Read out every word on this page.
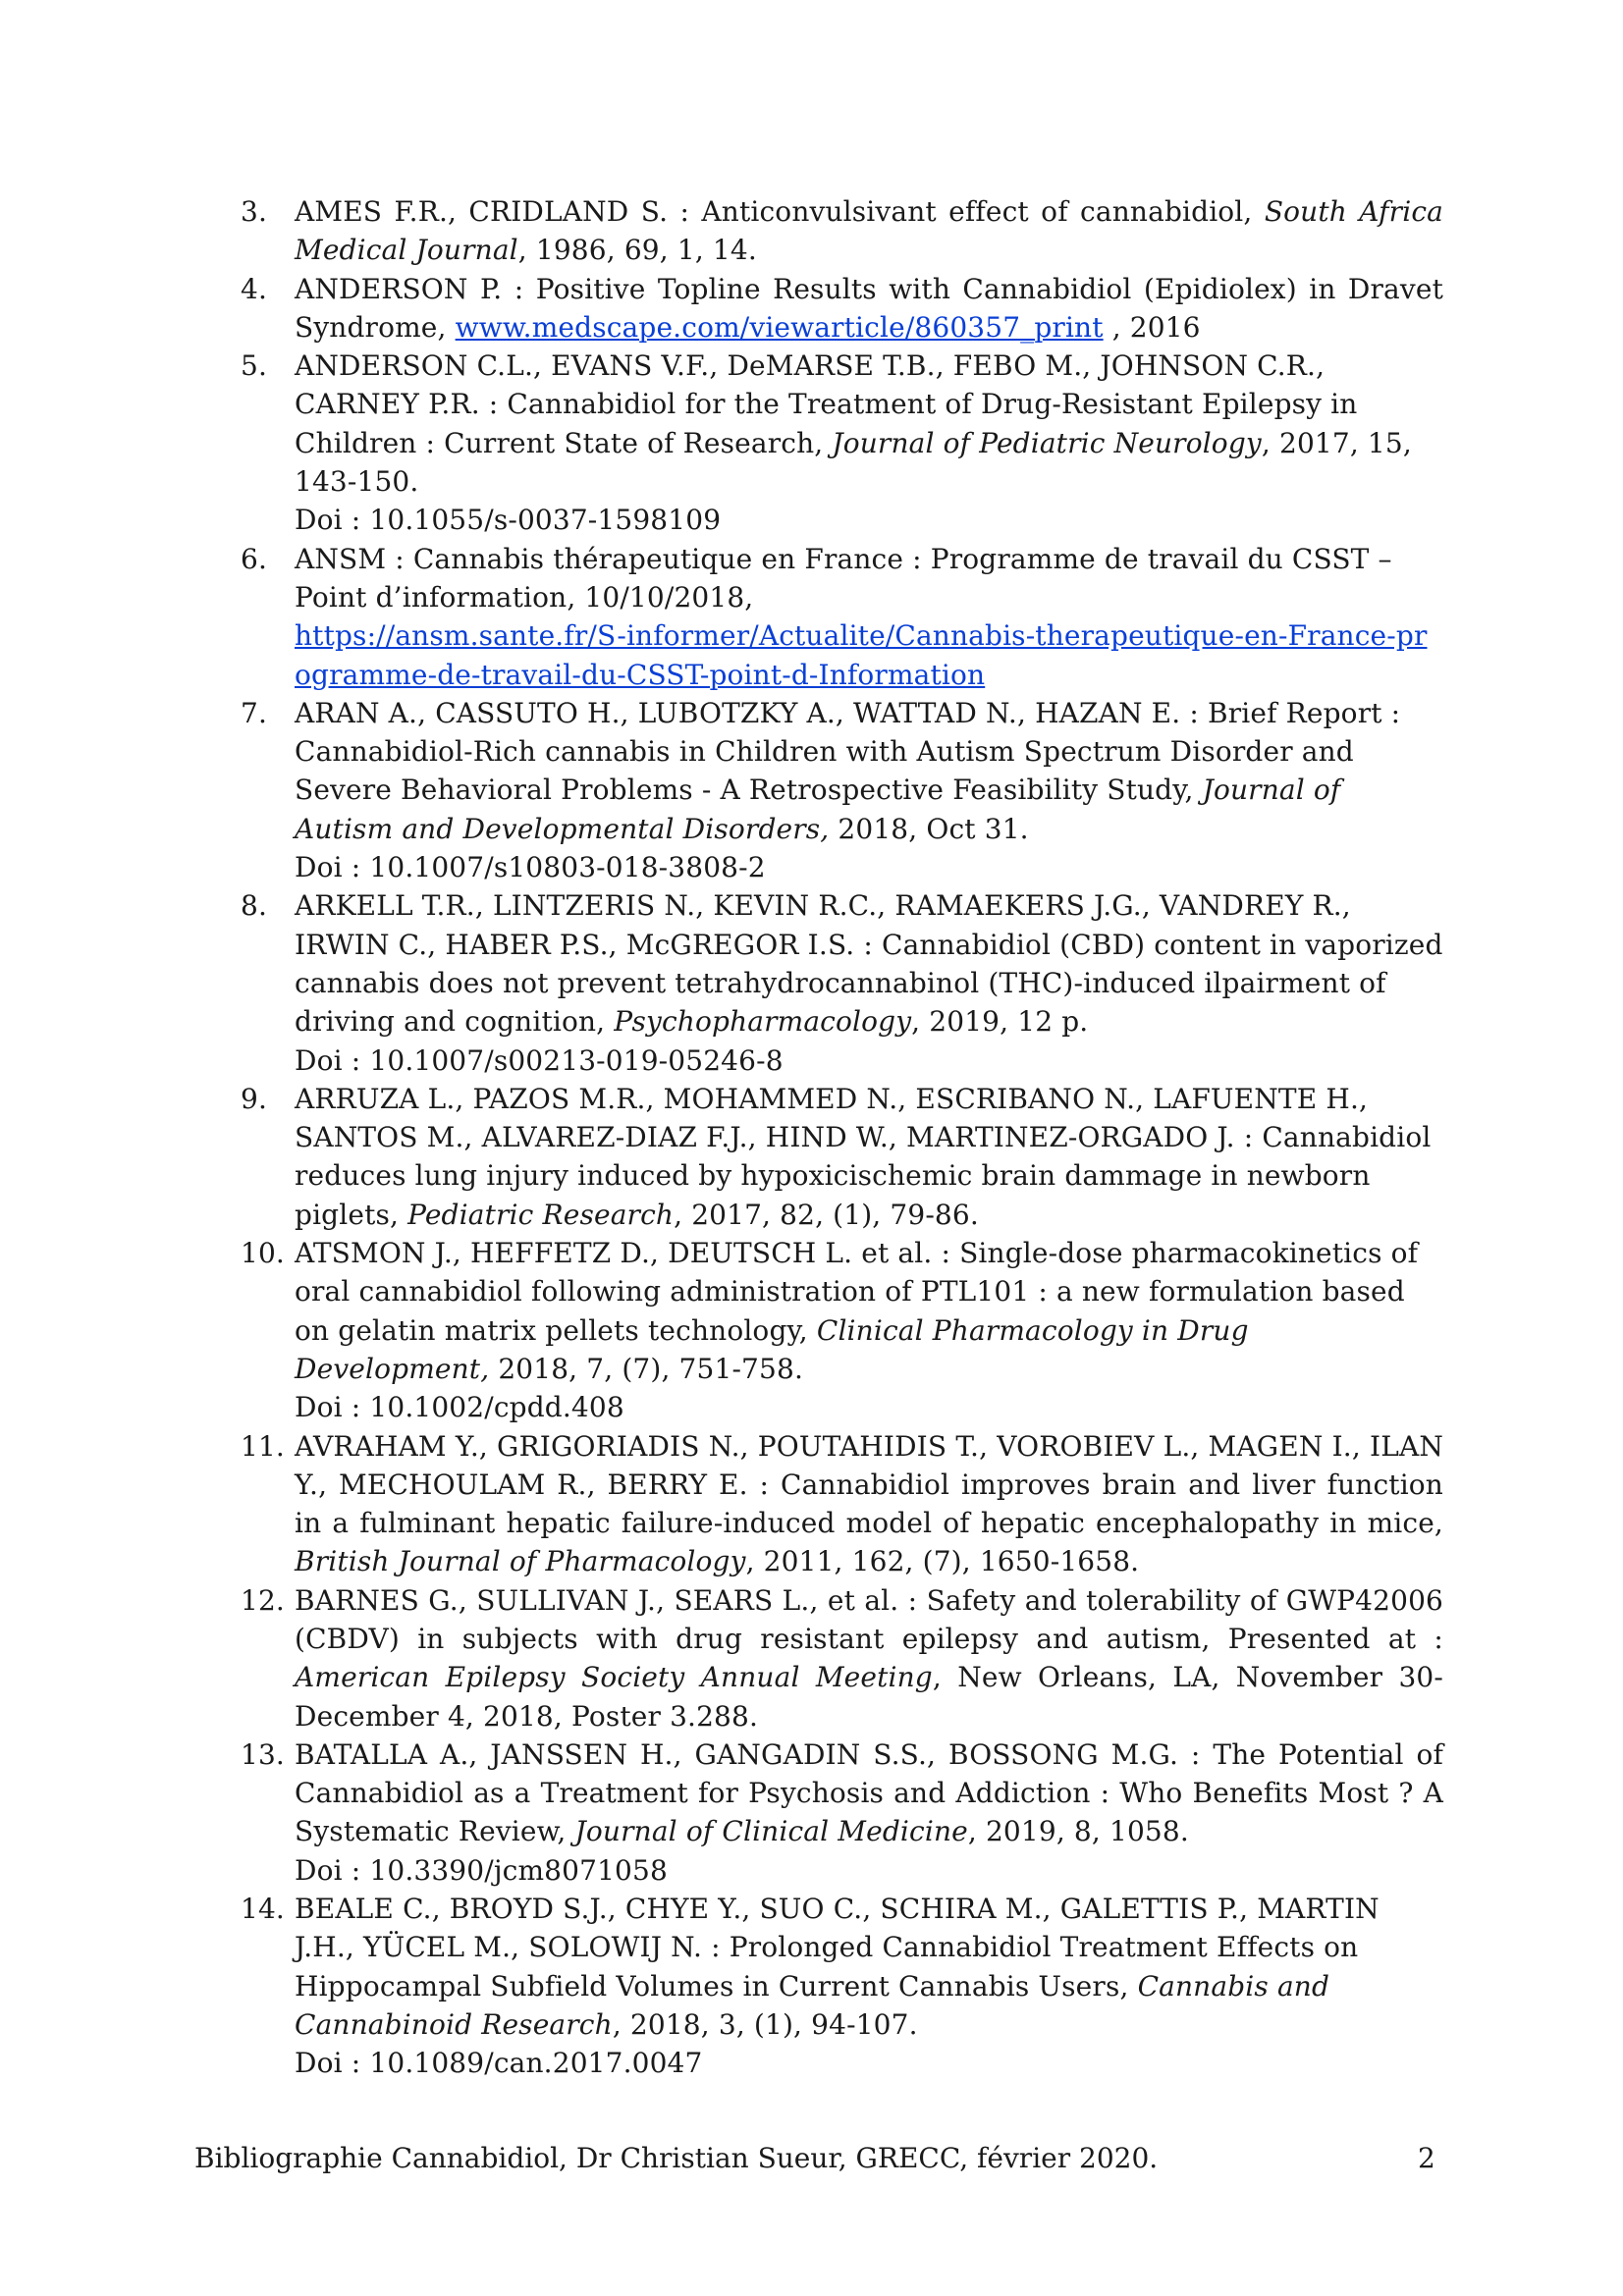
3. AMES F.R., CRIDLAND S. : Anticonvulsivant effect of cannabidiol, South Africa Medical Journal, 1986, 69, 1, 14.
4. ANDERSON P. : Positive Topline Results with Cannabidiol (Epidiolex) in Dravet Syndrome, www.medscape.com/viewarticle/860357_print , 2016
5. ANDERSON C.L., EVANS V.F., DeMARSE T.B., FEBO M., JOHNSON C.R., CARNEY P.R. : Cannabidiol for the Treatment of Drug-Resistant Epilepsy in Children : Current State of Research, Journal of Pediatric Neurology, 2017, 15, 143-150.
Doi : 10.1055/s-0037-1598109
6. ANSM : Cannabis thérapeutique en France : Programme de travail du CSST – Point d’information, 10/10/2018,
https://ansm.sante.fr/S-informer/Actualite/Cannabis-therapeutique-en-France-programme-de-travail-du-CSST-point-d-Information
7. ARAN A., CASSUTO H., LUBOTZKY A., WATTAD N., HAZAN E. : Brief Report : Cannabidiol-Rich cannabis in Children with Autism Spectrum Disorder and Severe Behavioral Problems - A Retrospective Feasibility Study, Journal of Autism and Developmental Disorders, 2018, Oct 31.
Doi : 10.1007/s10803-018-3808-2
8. ARKELL T.R., LINTZERIS N., KEVIN R.C., RAMAEKERS J.G., VANDREY R., IRWIN C., HABER P.S., McGREGOR I.S. : Cannabidiol (CBD) content in vaporized cannabis does not prevent tetrahydrocannabinol (THC)-induced ilpairment of driving and cognition, Psychopharmacology, 2019, 12 p.
Doi : 10.1007/s00213-019-05246-8
9. ARRUZA L., PAZOS M.R., MOHAMMED N., ESCRIBANO N., LAFUENTE H., SANTOS M., ALVAREZ-DIAZ F.J., HIND W., MARTINEZ-ORGADO J. : Cannabidiol reduces lung injury induced by hypoxicischemic brain dammage in newborn piglets, Pediatric Research, 2017, 82, (1), 79-86.
10. ATSMON J., HEFFETZ D., DEUTSCH L. et al. : Single-dose pharmacokinetics of oral cannabidiol following administration of PTL101 : a new formulation based on gelatin matrix pellets technology, Clinical Pharmacology in Drug Development, 2018, 7, (7), 751-758.
Doi : 10.1002/cpdd.408
11. AVRAHAM Y., GRIGORIADIS N., POUTAHIDIS T., VOROBIEV L., MAGEN I., ILAN Y., MECHOULAM R., BERRY E. : Cannabidiol improves brain and liver function in a fulminant hepatic failure-induced model of hepatic encephalopathy in mice, British Journal of Pharmacology, 2011, 162, (7), 1650-1658.
12. BARNES G., SULLIVAN J., SEARS L., et al. : Safety and tolerability of GWP42006 (CBDV) in subjects with drug resistant epilepsy and autism, Presented at : American Epilepsy Society Annual Meeting, New Orleans, LA, November 30-December 4, 2018, Poster 3.288.
13. BATALLA A., JANSSEN H., GANGADIN S.S., BOSSONG M.G. : The Potential of Cannabidiol as a Treatment for Psychosis and Addiction : Who Benefits Most ? A Systematic Review, Journal of Clinical Medicine, 2019, 8, 1058.
Doi : 10.3390/jcm8071058
14. BEALE C., BROYD S.J., CHYE Y., SUO C., SCHIRA M., GALETTIS P., MARTIN J.H., YÜCEL M., SOLOWIJ N. : Prolonged Cannabidiol Treatment Effects on Hippocampal Subfield Volumes in Current Cannabis Users, Cannabis and Cannabinoid Research, 2018, 3, (1), 94-107.
Doi : 10.1089/can.2017.0047
Bibliographie Cannabidiol, Dr Christian Sueur, GRECC, février 2020.	2
